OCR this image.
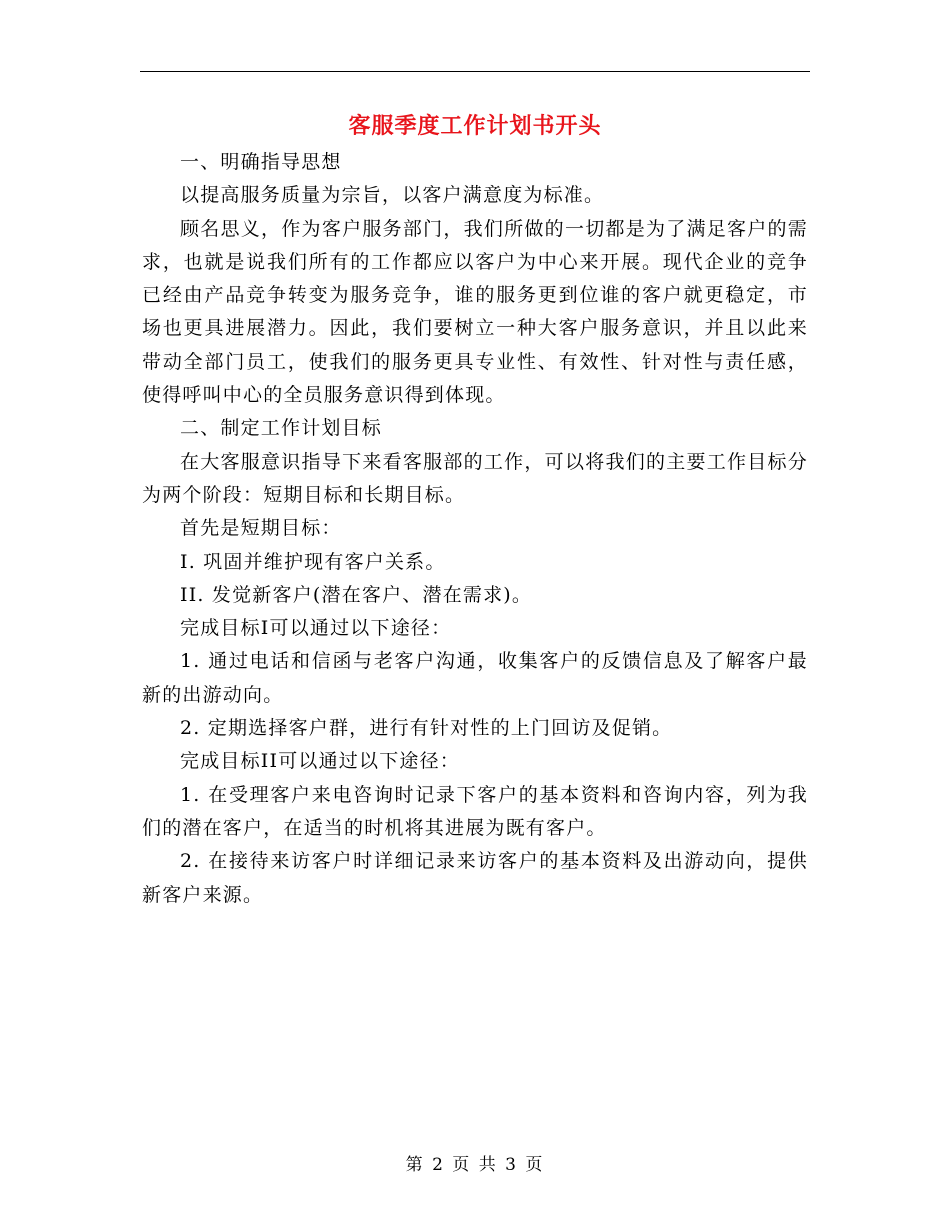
客服季度工作计划书开头

一、明确指导思想

以提高服务质量为宗旨，以客户满意度为标准。

顾名思义，作为客户服务部门，我们所做的一切都是为了满足客户的需求，也就是说我们所有的工作都应以客户为中心来开展。现代企业的竞争已经由产品竞争转变为服务竞争，谁的服务更到位谁的客户就更稳定，市场也更具进展潜力。因此，我们要树立一种大客户服务意识，并且以此来带动全部门员工，使我们的服务更具专业性、有效性、针对性与责任感，使得呼叫中心的全员服务意识得到体现。

二、制定工作计划目标

在大客服意识指导下来看客服部的工作，可以将我们的主要工作目标分为两个阶段：短期目标和长期目标。

首先是短期目标：

I. 巩固并维护现有客户关系。

II. 发觉新客户(潜在客户、潜在需求)。

完成目标I可以通过以下途径：

1. 通过电话和信函与老客户沟通，收集客户的反馈信息及了解客户最新的出游动向。

2. 定期选择客户群，进行有针对性的上门回访及促销。

完成目标II可以通过以下途径：

1. 在受理客户来电咨询时记录下客户的基本资料和咨询内容，列为我们的潜在客户，在适当的时机将其进展为既有客户。

2. 在接待来访客户时详细记录来访客户的基本资料及出游动向，提供新客户来源。

第 2 页 共 3 页
